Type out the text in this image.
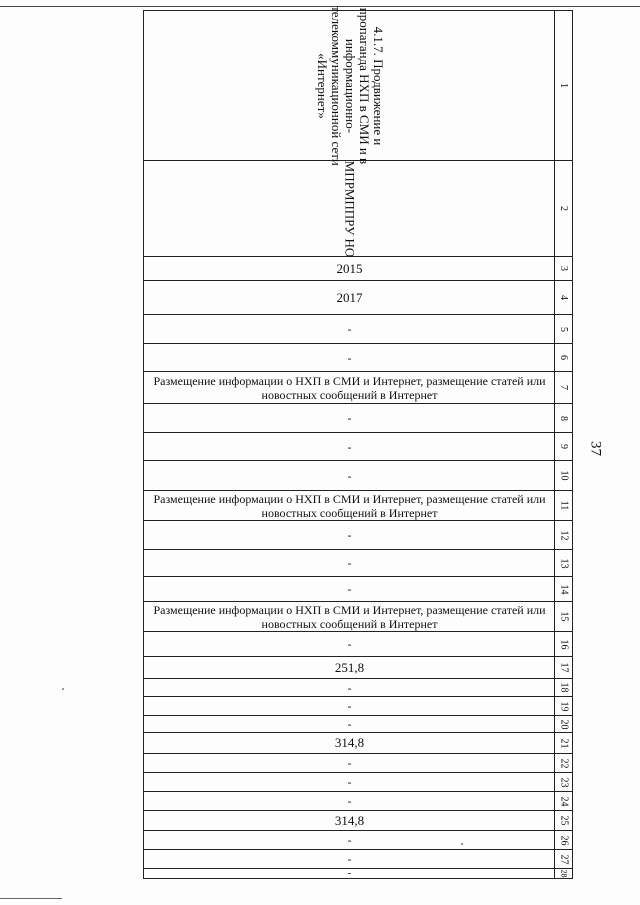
37
4.1.7. Продвижение и
пропаганда НХП в СМИ и в
информационно-
телекоммуникационной сети
«Интернет»	1
МПРМППРУ НО	2
2015	3
2017	4
-	5
-	6
Размещение информации о НХП в СМИ и Интернет, размещение статей или новостных сообщений в Интернет	7
-	8
-	9
-	10
Размещение информации о НХП в СМИ и Интернет, размещение статей или новостных сообщений в Интернет	11
-	12
-	13
-	14
Размещение информации о НХП в СМИ и Интернет, размещение статей или новостных сообщений в Интернет	15
-	16
251,8	17
-	18
-	19
-	20
314,8	21
-	22
-	23
-	24
314,8	25
-	26
-	27
-	28
